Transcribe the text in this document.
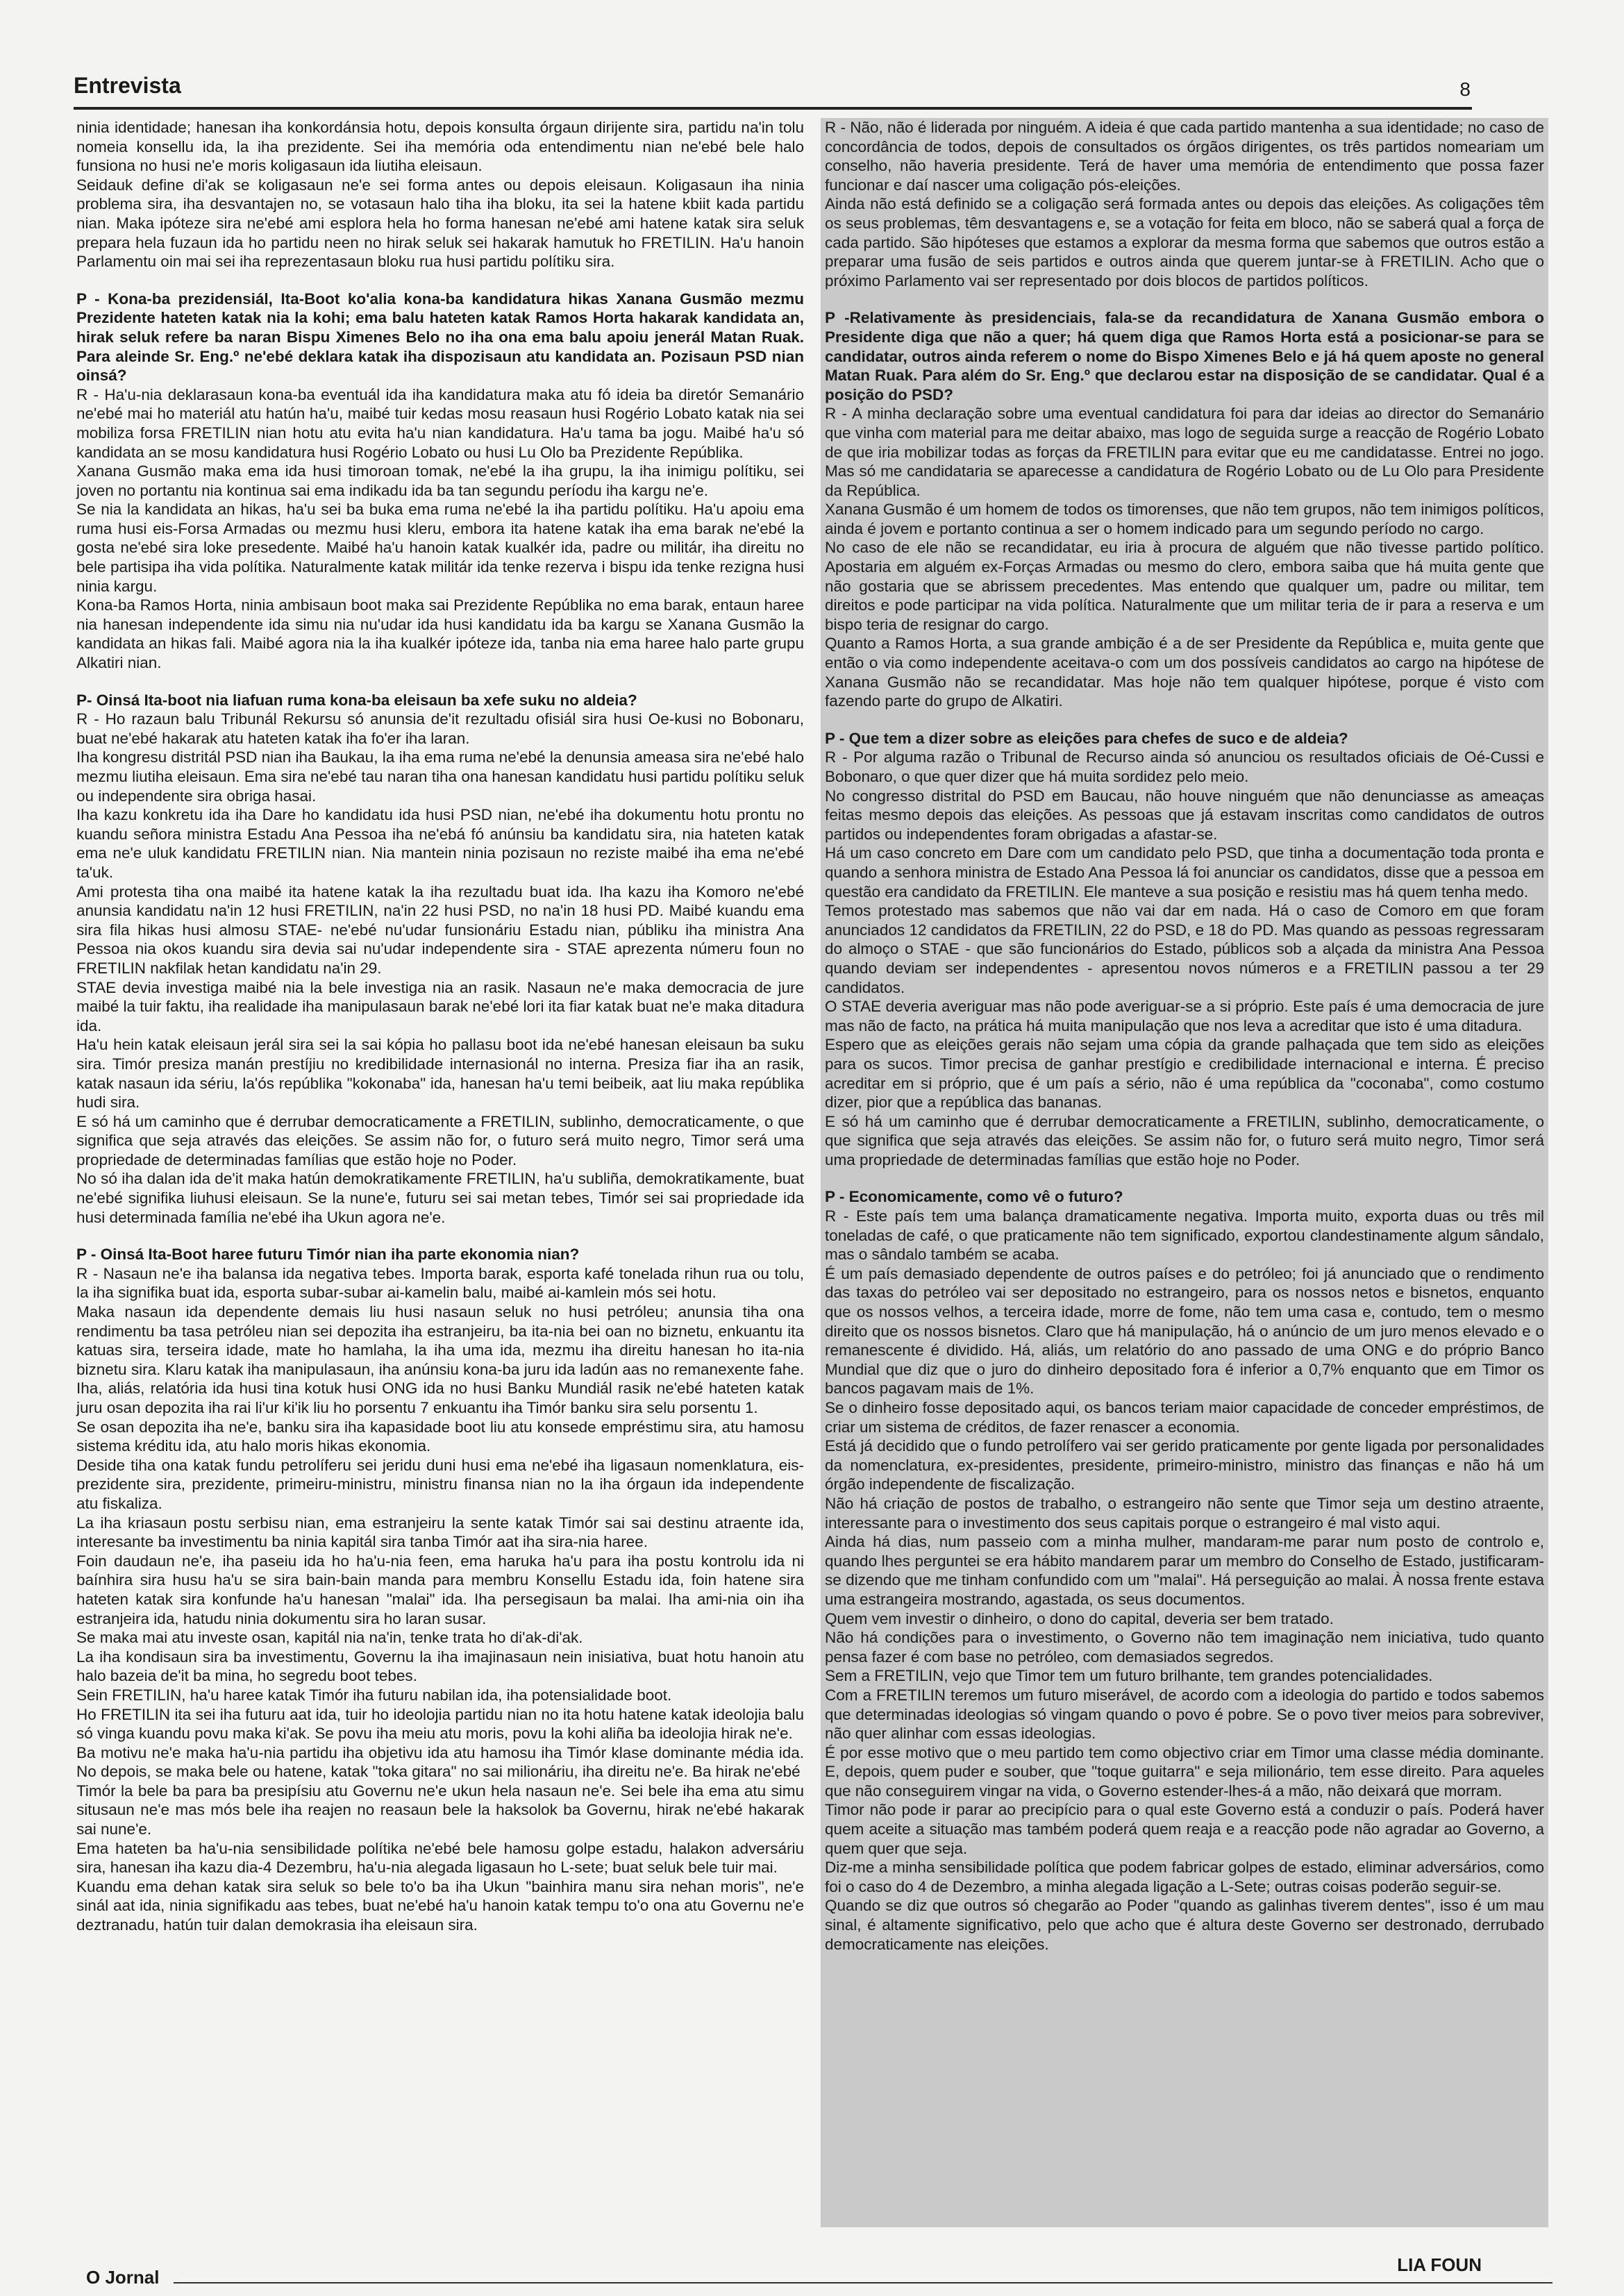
Entrevista	8

ninia identidade; hanesan iha konkordánsia hotu, depois konsulta órgaun dirijente sira, partidu na'in tolu nomeia konsellu ida, la iha prezidente. Sei iha memória oda entendimentu nian ne'ebé bele halo funsiona no husi ne'e moris koligasaun ida liutiha eleisaun.

Seidauk define di'ak se koligasaun ne'e sei forma antes ou depois eleisaun. Koligasaun iha ninia problema sira, iha desvantajen no, se votasaun halo tiha iha bloku, ita sei la hatene kbiit kada partidu nian. Maka ipóteze sira ne'ebé ami esplora hela ho forma hanesan ne'ebé ami hatene katak sira seluk prepara hela fuzaun ida ho partidu neen no hirak seluk sei hakarak hamutuk ho FRETILIN. Ha'u hanoin Parlamentu oin mai sei iha reprezentasaun bloku rua husi partidu polítiku sira.

P - Kona-ba prezidensiál, Ita-Boot ko'alia kona-ba kandidatura hikas Xanana Gusmão mezmu Prezidente hateten katak nia la kohi; ema balu hateten katak Ramos Horta hakarak kandidata an, hirak seluk refere ba naran Bispu Ximenes Belo no iha ona ema balu apoiu jenerál Matan Ruak. Para aleinde Sr. Eng.º ne'ebé deklara katak iha dispozisaun atu kandidata an. Pozisaun PSD nian oinsá?

R - Ha'u-nia deklarasaun kona-ba eventuál ida iha kandidatura maka atu fó ideia ba diretór Semanário ne'ebé mai ho materiál atu hatún ha'u, maibé tuir kedas mosu reasaun husi Rogério Lobato katak nia sei mobiliza forsa FRETILIN nian hotu atu evita ha'u nian kandidatura. Ha'u tama ba jogu. Maibé ha'u só kandidata an se mosu kandidatura husi Rogério Lobato ou husi Lu Olo ba Prezidente Repúblika.

Xanana Gusmão maka ema ida husi timoroan tomak, ne'ebé la iha grupu, la iha inimigu polítiku, sei joven no portantu nia kontinua sai ema indikadu ida ba tan segundu períodu iha kargu ne'e.

Se nia la kandidata an hikas, ha'u sei ba buka ema ruma ne'ebé la iha partidu polítiku. Ha'u apoiu ema ruma husi eis-Forsa Armadas ou mezmu husi kleru, embora ita hatene katak iha ema barak ne'ebé la gosta ne'ebé sira loke presedente. Maibé ha'u hanoin katak kualkér ida, padre ou militár, iha direitu no bele partisipa iha vida polítika. Naturalmente katak militár ida tenke rezerva i bispu ida tenke rezigna husi ninia kargu.

Kona-ba Ramos Horta, ninia ambisaun boot maka sai Prezidente Repúblika no ema barak, entaun haree nia hanesan independente ida simu nia nu'udar ida husi kandidatu ida ba kargu se Xanana Gusmão la kandidata an hikas fali. Maibé agora nia la iha kualkér ipóteze ida, tanba nia ema haree halo parte grupu Alkatiri nian.

P- Oinsá Ita-boot nia liafuan ruma kona-ba eleisaun ba xefe suku no aldeia?

R - Ho razaun balu Tribunál Rekursu só anunsia de'it rezultadu ofisiál sira husi Oe-kusi no Bobonaru, buat ne'ebé hakarak atu hateten katak iha fo'er iha laran.

Iha kongresu distritál PSD nian iha Baukau, la iha ema ruma ne'ebé la denunsia ameasa sira ne'ebé halo mezmu liutiha eleisaun. Ema sira ne'ebé tau naran tiha ona hanesan kandidatu husi partidu polítiku seluk ou independente sira obriga hasai.

Iha kazu konkretu ida iha Dare ho kandidatu ida husi PSD nian, ne'ebé iha dokumentu hotu prontu no kuandu señora ministra Estadu Ana Pessoa iha ne'ebá fó anúnsiu ba kandidatu sira, nia hateten katak ema ne'e uluk kandidatu FRETILIN nian. Nia mantein ninia pozisaun no reziste maibé iha ema ne'ebé ta'uk.

Ami protesta tiha ona maibé ita hatene katak la iha rezultadu buat ida. Iha kazu iha Komoro ne'ebé anunsia kandidatu na'in 12 husi FRETILIN, na'in 22 husi PSD, no na'in 18 husi PD. Maibé kuandu ema sira fila hikas husi almosu STAE- ne'ebé nu'udar funsionáriu Estadu nian, públiku iha ministra Ana Pessoa nia okos kuandu sira devia sai nu'udar independente sira - STAE aprezenta númeru foun no FRETILIN nakfilak hetan kandidatu na'in 29.

STAE devia investiga maibé nia la bele investiga nia an rasik. Nasaun ne'e maka democracia de jure maibé la tuir faktu, iha realidade iha manipulasaun barak ne'ebé lori ita fiar katak buat ne'e maka ditadura ida.

Ha'u hein katak eleisaun jerál sira sei la sai kópia ho pallasu boot ida ne'ebé hanesan eleisaun ba suku sira. Timór presiza manán prestíjiu no kredibilidade internasionál no interna. Presiza fiar iha an rasik, katak nasaun ida sériu, la'ós repúblika "kokonaba" ida, hanesan ha'u temi beibeik, aat liu maka repúblika hudi sira.

E só há um caminho que é derrubar democraticamente a FRETILIN, sublinho, democraticamente, o que significa que seja através das eleições. Se assim não for, o futuro será muito negro, Timor será uma propriedade de determinadas famílias que estão hoje no Poder.

No só iha dalan ida de'it maka hatún demokratikamente FRETILIN, ha'u subliña, demokratikamente, buat ne'ebé signifika liuhusi eleisaun. Se la nune'e, futuru sei sai metan tebes, Timór sei sai propriedade ida husi determinada família ne'ebé iha Ukun agora ne'e.

P - Oinsá Ita-Boot haree futuru Timór nian iha parte ekonomia nian?

R - Nasaun ne'e iha balansa ida negativa tebes. Importa barak, esporta kafé tonelada rihun rua ou tolu, la iha signifika buat ida, esporta subar-subar ai-kamelin balu, maibé ai-kamlein mós sei hotu.

Maka nasaun ida dependente demais liu husi nasaun seluk no husi petróleu; anunsia tiha ona rendimentu ba tasa petróleu nian sei depozita iha estranjeiru, ba ita-nia bei oan no biznetu, enkuantu ita katuas sira, terseira idade, mate ho hamlaha, la iha uma ida, mezmu iha direitu hanesan ho ita-nia biznetu sira. Klaru katak iha manipulasaun, iha anúnsiu kona-ba juru ida ladún aas no remanexente fahe. Iha, aliás, relatória ida husi tina kotuk husi ONG ida no husi Banku Mundiál rasik ne'ebé hateten katak juru osan depozita iha rai li'ur ki'ik liu ho porsentu 7 enkuantu iha Timór banku sira selu porsentu 1.

Se osan depozita iha ne'e, banku sira iha kapasidade boot liu atu konsede empréstimu sira, atu hamosu sistema kréditu ida, atu halo moris hikas ekonomia.

Deside tiha ona katak fundu petrolíferu sei jeridu duni husi ema ne'ebé iha ligasaun nomenklatura, eis-prezidente sira, prezidente, primeiru-ministru, ministru finansa nian no la iha órgaun ida independente atu fiskaliza.

La iha kriasaun postu serbisu nian, ema estranjeiru la sente katak Timór sai sai destinu atraente ida, interesante ba investimentu ba ninia kapitál sira tanba Timór aat iha sira-nia haree.

Foin daudaun ne'e, iha paseiu ida ho ha'u-nia feen, ema haruka ha'u para iha postu kontrolu ida ni baínhira sira husu ha'u se sira bain-bain manda para membru Konsellu Estadu ida, foin hatene sira hateten katak sira konfunde ha'u hanesan "malai" ida. Iha persegisaun ba malai. Iha ami-nia oin iha estranjeira ida, hatudu ninia dokumentu sira ho laran susar.

Se maka mai atu investe osan, kapitál nia na'in, tenke trata ho di'ak-di'ak.

La iha kondisaun sira ba investimentu, Governu la iha imajinasaun nein inisiativa, buat hotu hanoin atu halo bazeia de'it ba mina, ho segredu boot tebes.

Sein FRETILIN, ha'u haree katak Timór iha futuru nabilan ida, iha potensialidade boot.

Ho FRETILIN ita sei iha futuru aat ida, tuir ho ideolojia partidu nian no ita hotu hatene katak ideolojia balu só vinga kuandu povu maka ki'ak. Se povu iha meiu atu moris, povu la kohi aliña ba ideolojia hirak ne'e.

Ba motivu ne'e maka ha'u-nia partidu iha objetivu ida atu hamosu iha Timór klase dominante média ida. No depois, se maka bele ou hatene, katak "toka gitara" no sai milionáriu, iha direitu ne'e. Ba hirak ne'ebé

Timór la bele ba para ba presipísiu atu Governu ne'e ukun hela nasaun ne'e. Sei bele iha ema atu simu situsaun ne'e mas mós bele iha reajen no reasaun bele la haksolok ba Governu, hirak ne'ebé hakarak sai nune'e.

Ema hateten ba ha'u-nia sensibilidade polítika ne'ebé bele hamosu golpe estadu, halakon adversáriu sira, hanesan iha kazu dia-4 Dezembru, ha'u-nia alegada ligasaun ho L-sete; buat seluk bele tuir mai.

Kuandu ema dehan katak sira seluk so bele to'o ba iha Ukun "bainhira manu sira nehan moris", ne'e sinál aat ida, ninia signifikadu aas tebes, buat ne'ebé ha'u hanoin katak tempu to'o ona atu Governu ne'e deztranadu, hatún tuir dalan demokrasia iha eleisaun sira.

R - Não, não é liderada por ninguém. A ideia é que cada partido mantenha a sua identidade; no caso de concordância de todos, depois de consultados os órgãos dirigentes, os três partidos nomeariam um conselho, não haveria presidente. Terá de haver uma memória de entendimento que possa fazer funcionar e daí nascer uma coligação pós-eleições.

Ainda não está definido se a coligação será formada antes ou depois das eleições. As coligações têm os seus problemas, têm desvantagens e, se a votação for feita em bloco, não se saberá qual a força de cada partido. São hipóteses que estamos a explorar da mesma forma que sabemos que outros estão a preparar uma fusão de seis partidos e outros ainda que querem juntar-se à FRETILIN. Acho que o próximo Parlamento vai ser representado por dois blocos de partidos políticos.

P -Relativamente às presidenciais, fala-se da recandidatura de Xanana Gusmão embora o Presidente diga que não a quer; há quem diga que Ramos Horta está a posicionar-se para se candidatar, outros ainda referem o nome do Bispo Ximenes Belo e já há quem aposte no general Matan Ruak. Para além do Sr. Eng.º que declarou estar na disposição de se candidatar. Qual é a posição do PSD?

R - A minha declaração sobre uma eventual candidatura foi para dar ideias ao director do Semanário que vinha com material para me deitar abaixo, mas logo de seguida surge a reacção de Rogério Lobato de que iria mobilizar todas as forças da FRETILIN para evitar que eu me candidatasse. Entrei no jogo. Mas só me candidataria se aparecesse a candidatura de Rogério Lobato ou de Lu Olo para Presidente da República.

Xanana Gusmão é um homem de todos os timorenses, que não tem grupos, não tem inimigos políticos, ainda é jovem e portanto continua a ser o homem indicado para um segundo período no cargo.

No caso de ele não se recandidatar, eu iria à procura de alguém que não tivesse partido político. Apostaria em alguém ex-Forças Armadas ou mesmo do clero, embora saiba que há muita gente que não gostaria que se abrissem precedentes. Mas entendo que qualquer um, padre ou militar, tem direitos e pode participar na vida política. Naturalmente que um militar teria de ir para a reserva e um bispo teria de resignar do cargo.

Quanto a Ramos Horta, a sua grande ambição é a de ser Presidente da República e, muita gente que então o via como independente aceitava-o com um dos possíveis candidatos ao cargo na hipótese de Xanana Gusmão não se recandidatar. Mas hoje não tem qualquer hipótese, porque é visto com fazendo parte do grupo de Alkatiri.

P - Que tem a dizer sobre as eleições para chefes de suco e de aldeia?

R - Por alguma razão o Tribunal de Recurso ainda só anunciou os resultados oficiais de Oé-Cussi e Bobonaro, o que quer dizer que há muita sordidez pelo meio.

No congresso distrital do PSD em Baucau, não houve ninguém que não denunciasse as ameaças feitas mesmo depois das eleições. As pessoas que já estavam inscritas como candidatos de outros partidos ou independentes foram obrigadas a afastar-se.

Há um caso concreto em Dare com um candidato pelo PSD, que tinha a documentação toda pronta e quando a senhora ministra de Estado Ana Pessoa lá foi anunciar os candidatos, disse que a pessoa em questão era candidato da FRETILIN. Ele manteve a sua posição e resistiu mas há quem tenha medo.

Temos protestado mas sabemos que não vai dar em nada. Há o caso de Comoro em que foram anunciados 12 candidatos da FRETILIN, 22 do PSD, e 18 do PD. Mas quando as pessoas regressaram do almoço o STAE - que são funcionários do Estado, públicos sob a alçada da ministra Ana Pessoa quando deviam ser independentes - apresentou novos números e a FRETILIN passou a ter 29 candidatos.

O STAE deveria averiguar mas não pode averiguar-se a si próprio. Este país é uma democracia de jure mas não de facto, na prática há muita manipulação que nos leva a acreditar que isto é uma ditadura.

Espero que as eleições gerais não sejam uma cópia da grande palhaçada que tem sido as eleições para os sucos. Timor precisa de ganhar prestígio e credibilidade internacional e interna. É preciso acreditar em si próprio, que é um país a sério, não é uma república da "coconaba", como costumo dizer, pior que a república das bananas.

E só há um caminho que é derrubar democraticamente a FRETILIN, sublinho, democraticamente, o que significa que seja através das eleições. Se assim não for, o futuro será muito negro, Timor será uma propriedade de determinadas famílias que estão hoje no Poder.

P - Economicamente, como vê o futuro?

R - Este país tem uma balança dramaticamente negativa. Importa muito, exporta duas ou três mil toneladas de café, o que praticamente não tem significado, exportou clandestinamente algum sândalo, mas o sândalo também se acaba.

É um país demasiado dependente de outros países e do petróleo; foi já anunciado que o rendimento das taxas do petróleo vai ser depositado no estrangeiro, para os nossos netos e bisnetos, enquanto que os nossos velhos, a terceira idade, morre de fome, não tem uma casa e, contudo, tem o mesmo direito que os nossos bisnetos. Claro que há manipulação, há o anúncio de um juro menos elevado e o remanescente é dividido. Há, aliás, um relatório do ano passado de uma ONG e do próprio Banco Mundial que diz que o juro do dinheiro depositado fora é inferior a 0,7% enquanto que em Timor os bancos pagavam mais de 1%.

Se o dinheiro fosse depositado aqui, os bancos teriam maior capacidade de conceder empréstimos, de criar um sistema de créditos, de fazer renascer a economia.

Está já decidido que o fundo petrolífero vai ser gerido praticamente por gente ligada por personalidades da nomenclatura, ex-presidentes, presidente, primeiro-ministro, ministro das finanças e não há um órgão independente de fiscalização.

Não há criação de postos de trabalho, o estrangeiro não sente que Timor seja um destino atraente, interessante para o investimento dos seus capitais porque o estrangeiro é mal visto aqui.

Ainda há dias, num passeio com a minha mulher, mandaram-me parar num posto de controlo e, quando lhes perguntei se era hábito mandarem parar um membro do Conselho de Estado, justificaram-se dizendo que me tinham confundido com um "malai". Há perseguição ao malai. À nossa frente estava uma estrangeira mostrando, agastada, os seus documentos.

Quem vem investir o dinheiro, o dono do capital, deveria ser bem tratado.

Não há condições para o investimento, o Governo não tem imaginação nem iniciativa, tudo quanto pensa fazer é com base no petróleo, com demasiados segredos.

Sem a FRETILIN, vejo que Timor tem um futuro brilhante, tem grandes potencialidades.

Com a FRETILIN teremos um futuro miserável, de acordo com a ideologia do partido e todos sabemos que determinadas ideologias só vingam quando o povo é pobre. Se o povo tiver meios para sobreviver, não quer alinhar com essas ideologias.

É por esse motivo que o meu partido tem como objectivo criar em Timor uma classe média dominante. E, depois, quem puder e souber, que "toque guitarra" e seja milionário, tem esse direito. Para aqueles que não conseguirem vingar na vida, o Governo estender-lhes-á a mão, não deixará que morram.

Timor não pode ir parar ao precipício para o qual este Governo está a conduzir o país. Poderá haver quem aceite a situação mas também poderá quem reaja e a reacção pode não agradar ao Governo, a quem quer que seja.

Diz-me a minha sensibilidade política que podem fabricar golpes de estado, eliminar adversários, como foi o caso do 4 de Dezembro, a minha alegada ligação a L-Sete; outras coisas poderão seguir-se.

Quando se diz que outros só chegarão ao Poder "quando as galinhas tiverem dentes", isso é um mau sinal, é altamente significativo, pelo que acho que é altura deste Governo ser destronado, derrubado democraticamente nas eleições.

O Jornal
LIA FOUN
